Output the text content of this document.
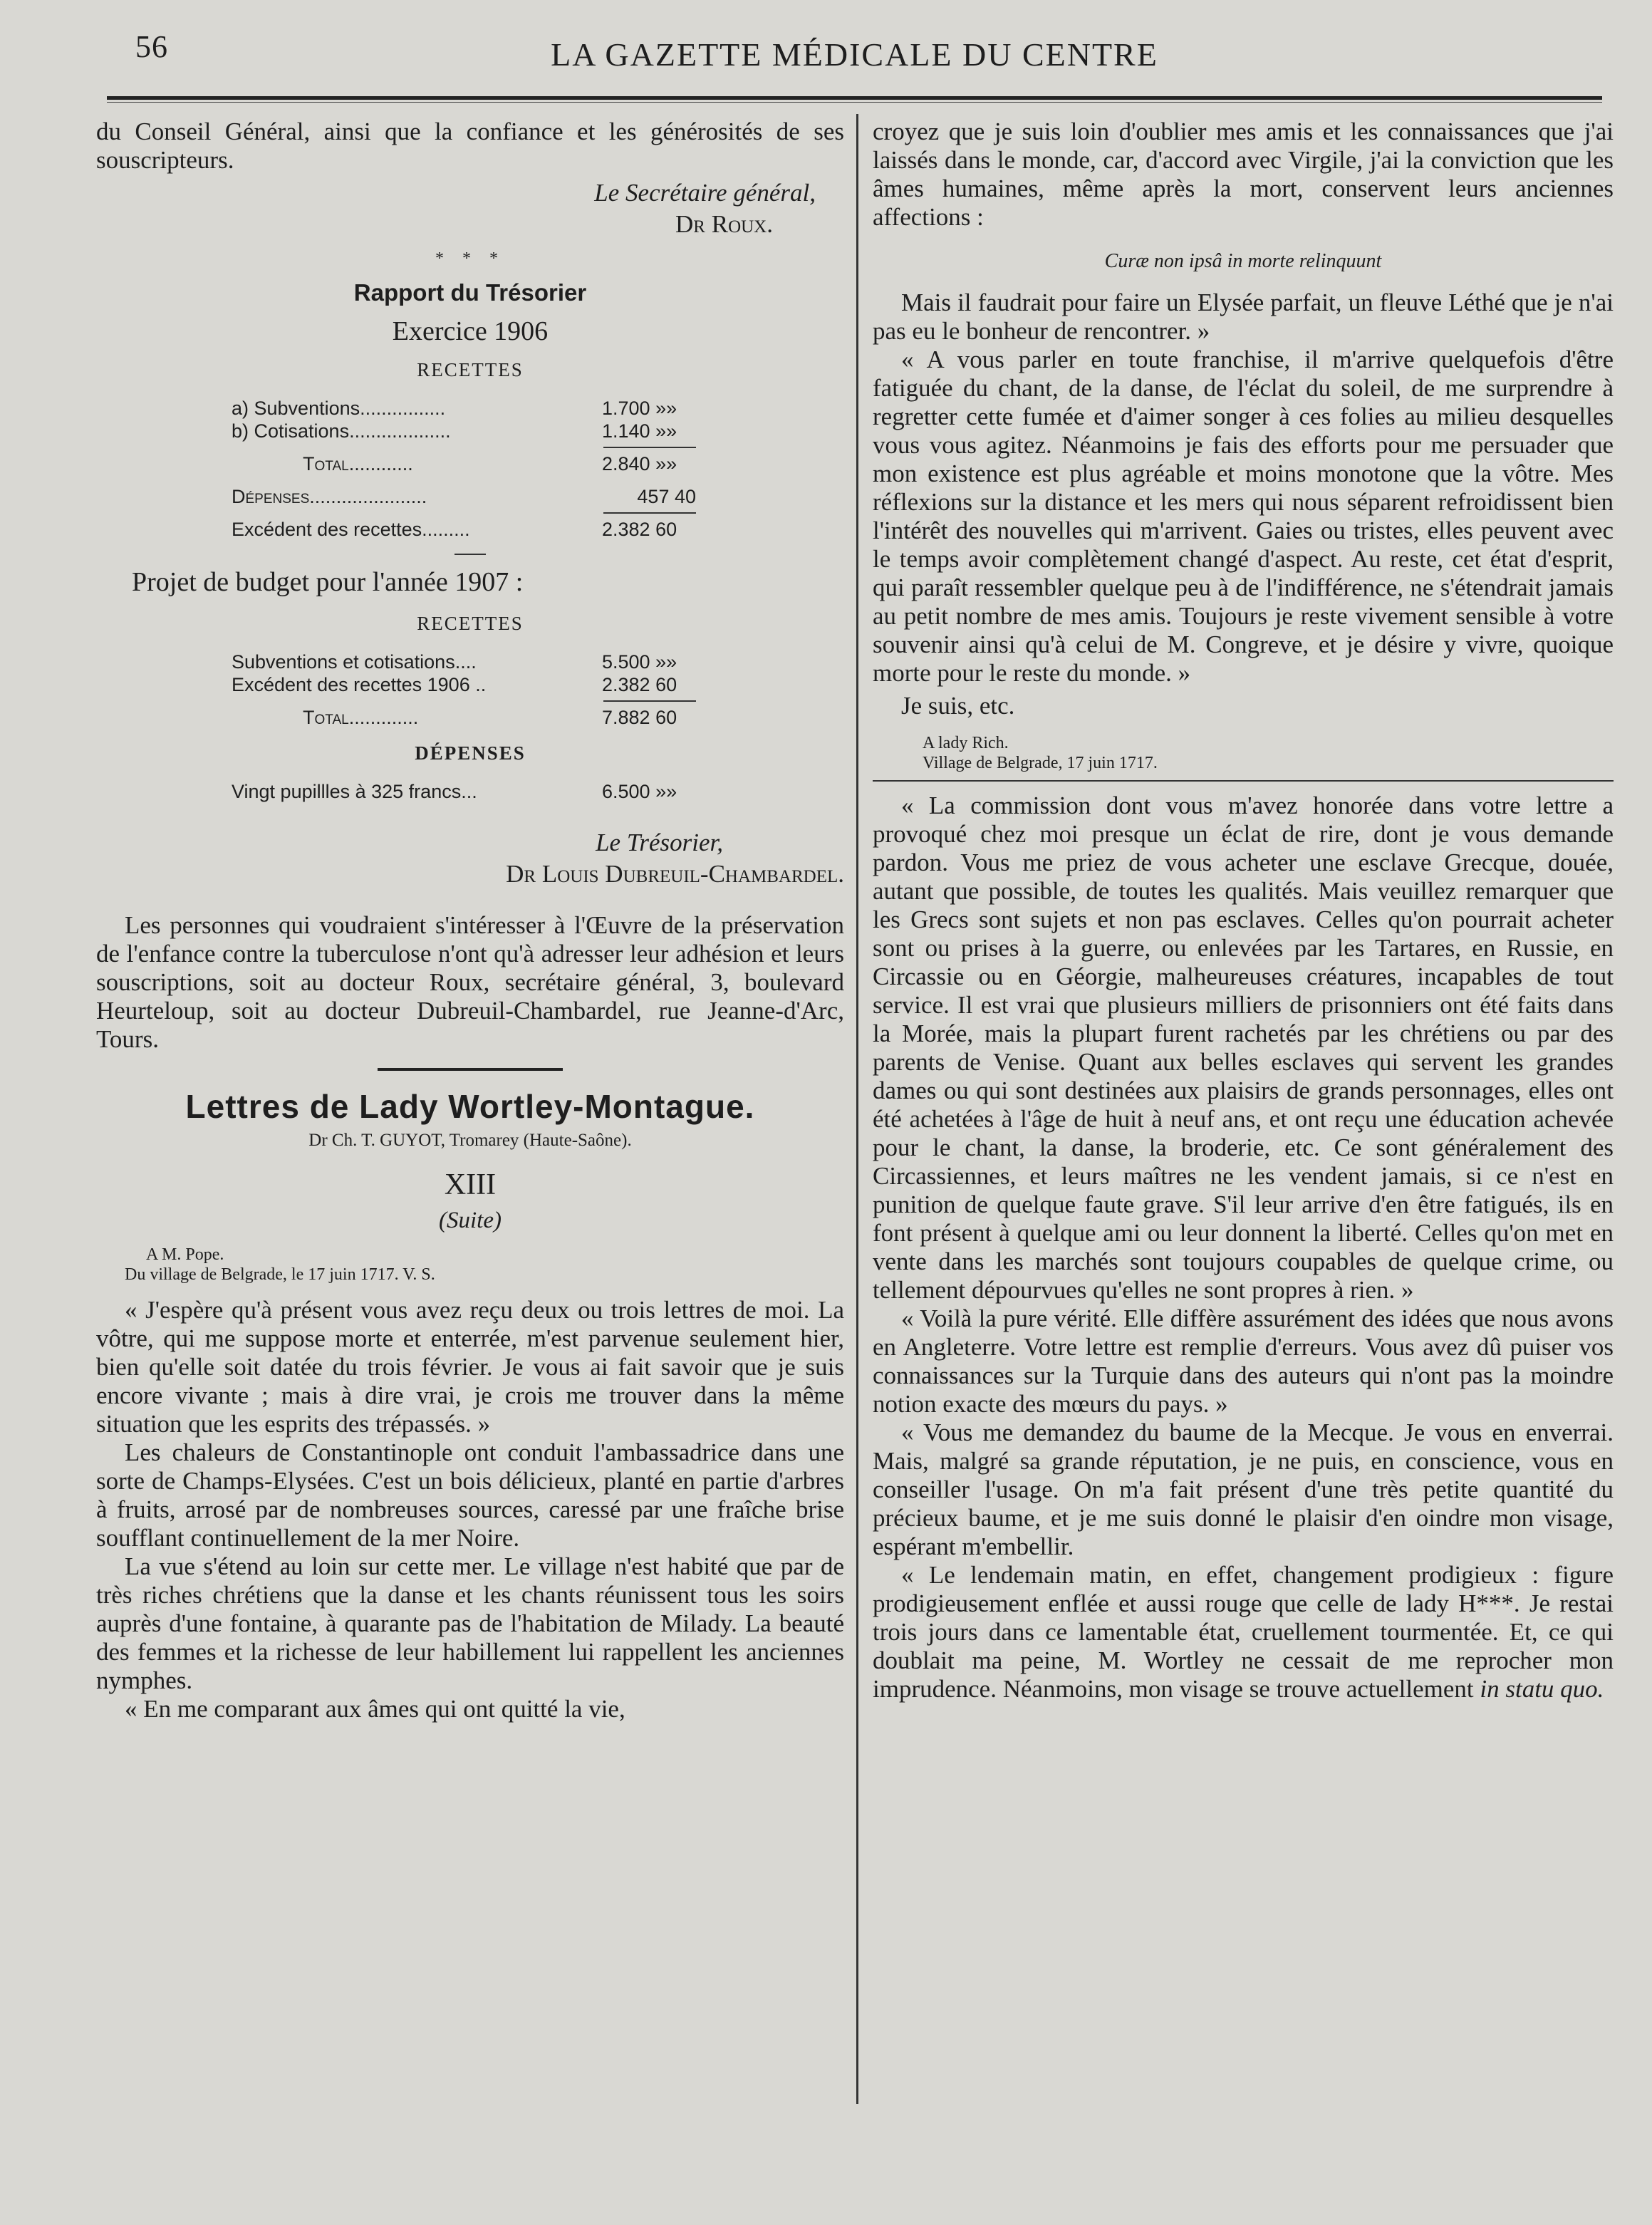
56	LA GAZETTE MÉDICALE DU CENTRE

du Conseil Général, ainsi que la confiance et les générosités de ses souscripteurs.

Le Secrétaire général,

Dr Roux.

* * *
Rapport du Trésorier
Exercice 1906
RECETTES
a) Subventions................	1.700 »»
b) Cotisations...................	1.140 »»
Total............	2.840 »»
Dépenses......................	457 40
Excédent des recettes.........	2.382 60

Projet de budget pour l'année 1907 :

RECETTES
Subventions et cotisations....	5.500 »»
Excédent des recettes 1906 ..	2.382 60
Total.............	7.882 60
DÉPENSES
Vingt pupillles à 325 francs...	6.500 »»

Le Trésorier,

Dr Louis Dubreuil-Chambardel.

Les personnes qui voudraient s'intéresser à l'Œuvre de la préservation de l'enfance contre la tuberculose n'ont qu'à adresser leur adhésion et leurs souscriptions, soit au docteur Roux, secrétaire général, 3, boulevard Heurteloup, soit au docteur Dubreuil-Chambardel, rue Jeanne-d'Arc, Tours.

Lettres de Lady Wortley-Montague.
Dr Ch. T. GUYOT, Tromarey (Haute-Saône).
XIII
(Suite)
A M. Pope.
Du village de Belgrade, le 17 juin 1717. V. S.

« J'espère qu'à présent vous avez reçu deux ou trois lettres de moi. La vôtre, qui me suppose morte et enterrée, m'est parvenue seulement hier, bien qu'elle soit datée du trois février. Je vous ai fait savoir que je suis encore vivante ; mais à dire vrai, je crois me trouver dans la même situation que les esprits des trépassés. »

Les chaleurs de Constantinople ont conduit l'ambassadrice dans une sorte de Champs-Elysées. C'est un bois délicieux, planté en partie d'arbres à fruits, arrosé par de nombreuses sources, caressé par une fraîche brise soufflant continuellement de la mer Noire.

La vue s'étend au loin sur cette mer. Le village n'est habité que par de très riches chrétiens que la danse et les chants réunissent tous les soirs auprès d'une fontaine, à quarante pas de l'habitation de Milady. La beauté des femmes et la richesse de leur habillement lui rappellent les anciennes nymphes.

« En me comparant aux âmes qui ont quitté la vie,

croyez que je suis loin d'oublier mes amis et les connaissances que j'ai laissés dans le monde, car, d'accord avec Virgile, j'ai la conviction que les âmes humaines, même après la mort, conservent leurs anciennes affections :

Curæ non ipsâ in morte relinquunt

Mais il faudrait pour faire un Elysée parfait, un fleuve Léthé que je n'ai pas eu le bonheur de rencontrer. »

« A vous parler en toute franchise, il m'arrive quelquefois d'être fatiguée du chant, de la danse, de l'éclat du soleil, de me surprendre à regretter cette fumée et d'aimer songer à ces folies au milieu desquelles vous vous agitez. Néanmoins je fais des efforts pour me persuader que mon existence est plus agréable et moins monotone que la vôtre. Mes réflexions sur la distance et les mers qui nous séparent refroidissent bien l'intérêt des nouvelles qui m'arrivent. Gaies ou tristes, elles peuvent avec le temps avoir complètement changé d'aspect. Au reste, cet état d'esprit, qui paraît ressembler quelque peu à de l'indifférence, ne s'étendrait jamais au petit nombre de mes amis. Toujours je reste vivement sensible à votre souvenir ainsi qu'à celui de M. Congreve, et je désire y vivre, quoique morte pour le reste du monde. »

Je suis, etc.

A lady Rich.
Village de Belgrade, 17 juin 1717.

« La commission dont vous m'avez honorée dans votre lettre a provoqué chez moi presque un éclat de rire, dont je vous demande pardon. Vous me priez de vous acheter une esclave Grecque, douée, autant que possible, de toutes les qualités. Mais veuillez remarquer que les Grecs sont sujets et non pas esclaves. Celles qu'on pourrait acheter sont ou prises à la guerre, ou enlevées par les Tartares, en Russie, en Circassie ou en Géorgie, malheureuses créatures, incapables de tout service. Il est vrai que plusieurs milliers de prisonniers ont été faits dans la Morée, mais la plupart furent rachetés par les chrétiens ou par des parents de Venise. Quant aux belles esclaves qui servent les grandes dames ou qui sont destinées aux plaisirs de grands personnages, elles ont été achetées à l'âge de huit à neuf ans, et ont reçu une éducation achevée pour le chant, la danse, la broderie, etc. Ce sont généralement des Circassiennes, et leurs maîtres ne les vendent jamais, si ce n'est en punition de quelque faute grave. S'il leur arrive d'en être fatigués, ils en font présent à quelque ami ou leur donnent la liberté. Celles qu'on met en vente dans les marchés sont toujours coupables de quelque crime, ou tellement dépourvues qu'elles ne sont propres à rien. »

« Voilà la pure vérité. Elle diffère assurément des idées que nous avons en Angleterre. Votre lettre est remplie d'erreurs. Vous avez dû puiser vos connaissances sur la Turquie dans des auteurs qui n'ont pas la moindre notion exacte des mœurs du pays. »

« Vous me demandez du baume de la Mecque. Je vous en enverrai. Mais, malgré sa grande réputation, je ne puis, en conscience, vous en conseiller l'usage. On m'a fait présent d'une très petite quantité du précieux baume, et je me suis donné le plaisir d'en oindre mon visage, espérant m'embellir.

« Le lendemain matin, en effet, changement prodigieux : figure prodigieusement enflée et aussi rouge que celle de lady H***. Je restai trois jours dans ce lamentable état, cruellement tourmentée. Et, ce qui doublait ma peine, M. Wortley ne cessait de me reprocher mon imprudence. Néanmoins, mon visage se trouve actuellement in statu quo.
